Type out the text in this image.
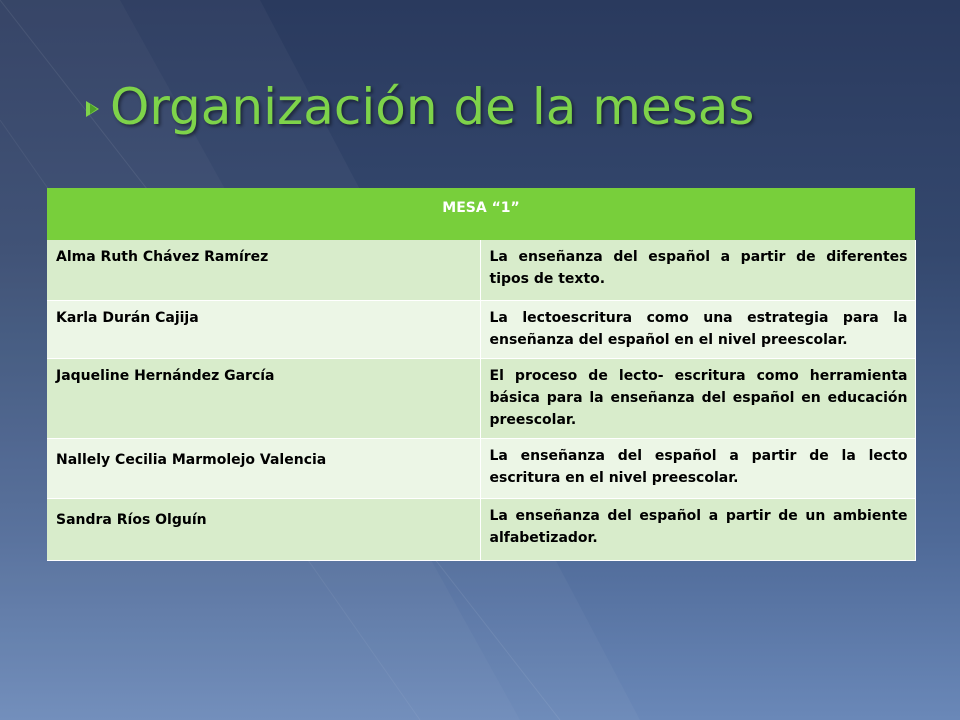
Organización de la mesas
MESA “1”	
Alma Ruth Chávez Ramírez	La enseñanza del español a partir de diferentes tipos de texto.
Karla Durán Cajija	La lectoescritura como una estrategia para la enseñanza del español en el nivel preescolar.
Jaqueline Hernández García	El proceso de lecto- escritura como herramienta básica para la enseñanza del español en educación preescolar.
Nallely Cecilia Marmolejo Valencia	La enseñanza del español a partir de la lecto escritura en el nivel preescolar.
Sandra Ríos Olguín	La enseñanza del español a partir de un ambiente alfabetizador.
